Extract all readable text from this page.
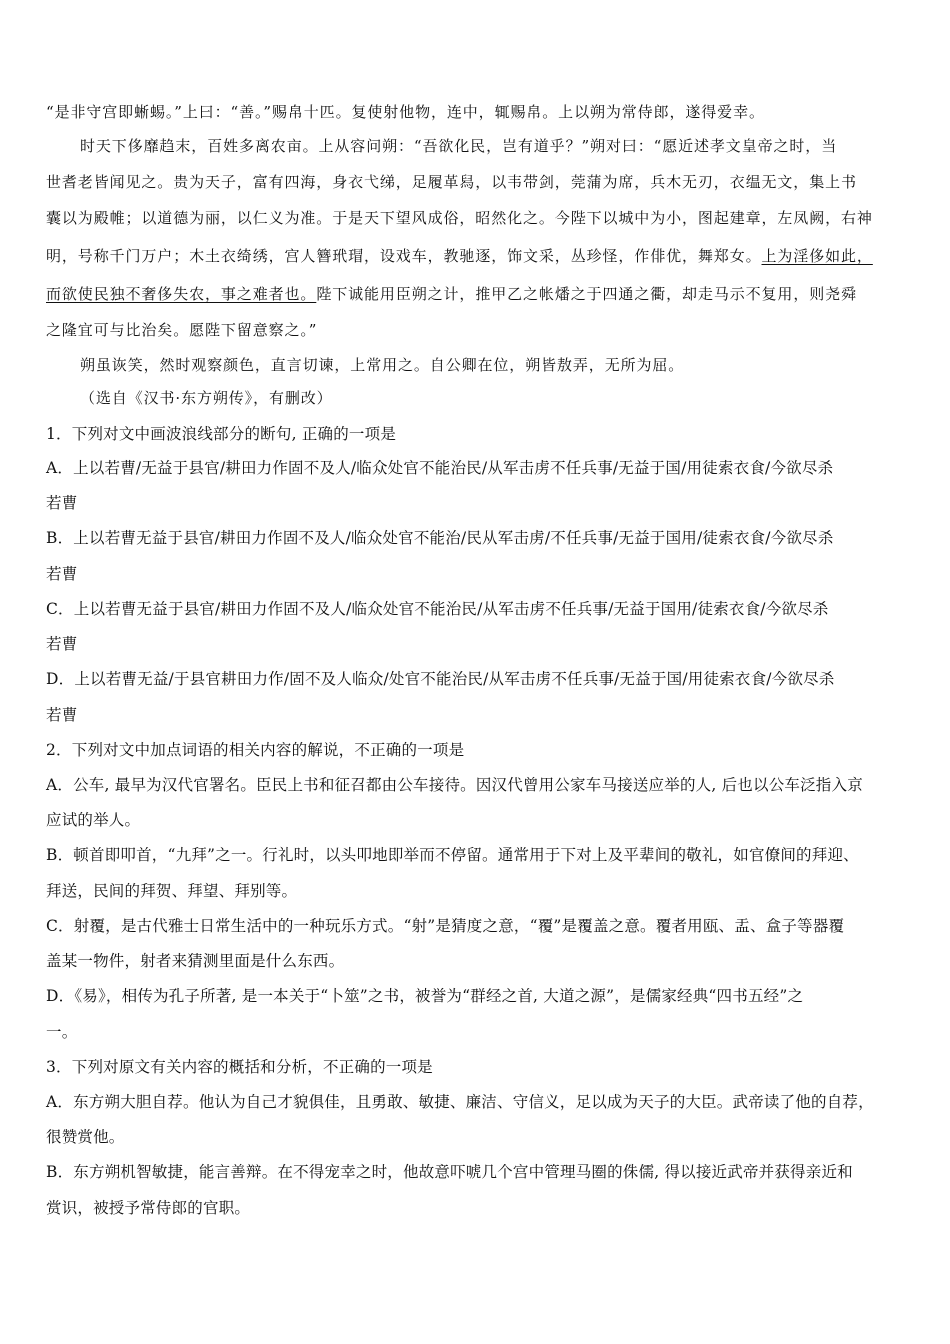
“是非守宫即蜥蜴。”上曰：“善。”赐帛十匹。复使射他物，连中，辄赐帛。上以朔为常侍郎，遂得爱幸。
时天下侈靡趋末，百姓多离农亩。上从容问朔：“吾欲化民，岂有道乎？”朔对曰：“愿近述孝文皇帝之时，当
世耆老皆闻见之。贵为天子，富有四海，身衣弋绨，足履革舄，以韦带剑，莞蒲为席，兵木无刃，衣缊无文，集上书
囊以为殿帷；以道德为丽，以仁义为准。于是天下望风成俗，昭然化之。今陛下以城中为小，图起建章，左凤阙，右神
明，号称千门万户；木土衣绮绣，宫人簪玳瑁，设戏车，教驰逐，饰文采，丛珍怪，作俳优，舞郑女。上为淫侈如此，
而欲使民独不奢侈失农，事之难者也。陛下诚能用臣朔之计，推甲乙之帐燔之于四通之衢，却走马示不复用，则尧舜
之隆宜可与比治矣。愿陛下留意察之。”
朔虽诙笑，然时观察颜色，直言切谏，上常用之。自公卿在位，朔皆敖弄，无所为屈。
（选自《汉书·东方朔传》，有删改）
1．下列对文中画波浪线部分的断句, 正确的一项是
A．上以若曹/无益于县官/耕田力作固不及人/临众处官不能治民/从军击虏不任兵事/无益于国/用徒索衣食/今欲尽杀
若曹
B．上以若曹无益于县官/耕田力作固不及人/临众处官不能治/民从军击虏/不任兵事/无益于国用/徒索衣食/今欲尽杀
若曹
C．上以若曹无益于县官/耕田力作固不及人/临众处官不能治民/从军击虏不任兵事/无益于国用/徒索衣食/今欲尽杀
若曹
D．上以若曹无益/于县官耕田力作/固不及人临众/处官不能治民/从军击虏不任兵事/无益于国/用徒索衣食/今欲尽杀
若曹
2．下列对文中加点词语的相关内容的解说，不正确的一项是
A．公车, 最早为汉代官署名。臣民上书和征召都由公车接待。因汉代曾用公家车马接送应举的人, 后也以公车泛指入京
应试的举人。
B．顿首即叩首，“九拜”之一。行礼时，以头叩地即举而不停留。通常用于下对上及平辈间的敬礼，如官僚间的拜迎、
拜送，民间的拜贺、拜望、拜别等。
C．射覆，是古代雅士日常生活中的一种玩乐方式。“射”是猜度之意，“覆”是覆盖之意。覆者用瓯、盂、盒子等器覆
盖某一物件，射者来猜测里面是什么东西。
D．《易》，相传为孔子所著, 是一本关于“卜筮”之书，被誉为“群经之首, 大道之源”，是儒家经典“四书五经”之
一。
3．下列对原文有关内容的概括和分析，不正确的一项是
A．东方朔大胆自荐。他认为自己才貌俱佳，且勇敢、敏捷、廉洁、守信义，足以成为天子的大臣。武帝读了他的自荐，
很赞赏他。
B．东方朔机智敏捷，能言善辩。在不得宠幸之时，他故意吓唬几个宫中管理马圈的侏儒, 得以接近武帝并获得亲近和
赏识，被授予常侍郎的官职。
